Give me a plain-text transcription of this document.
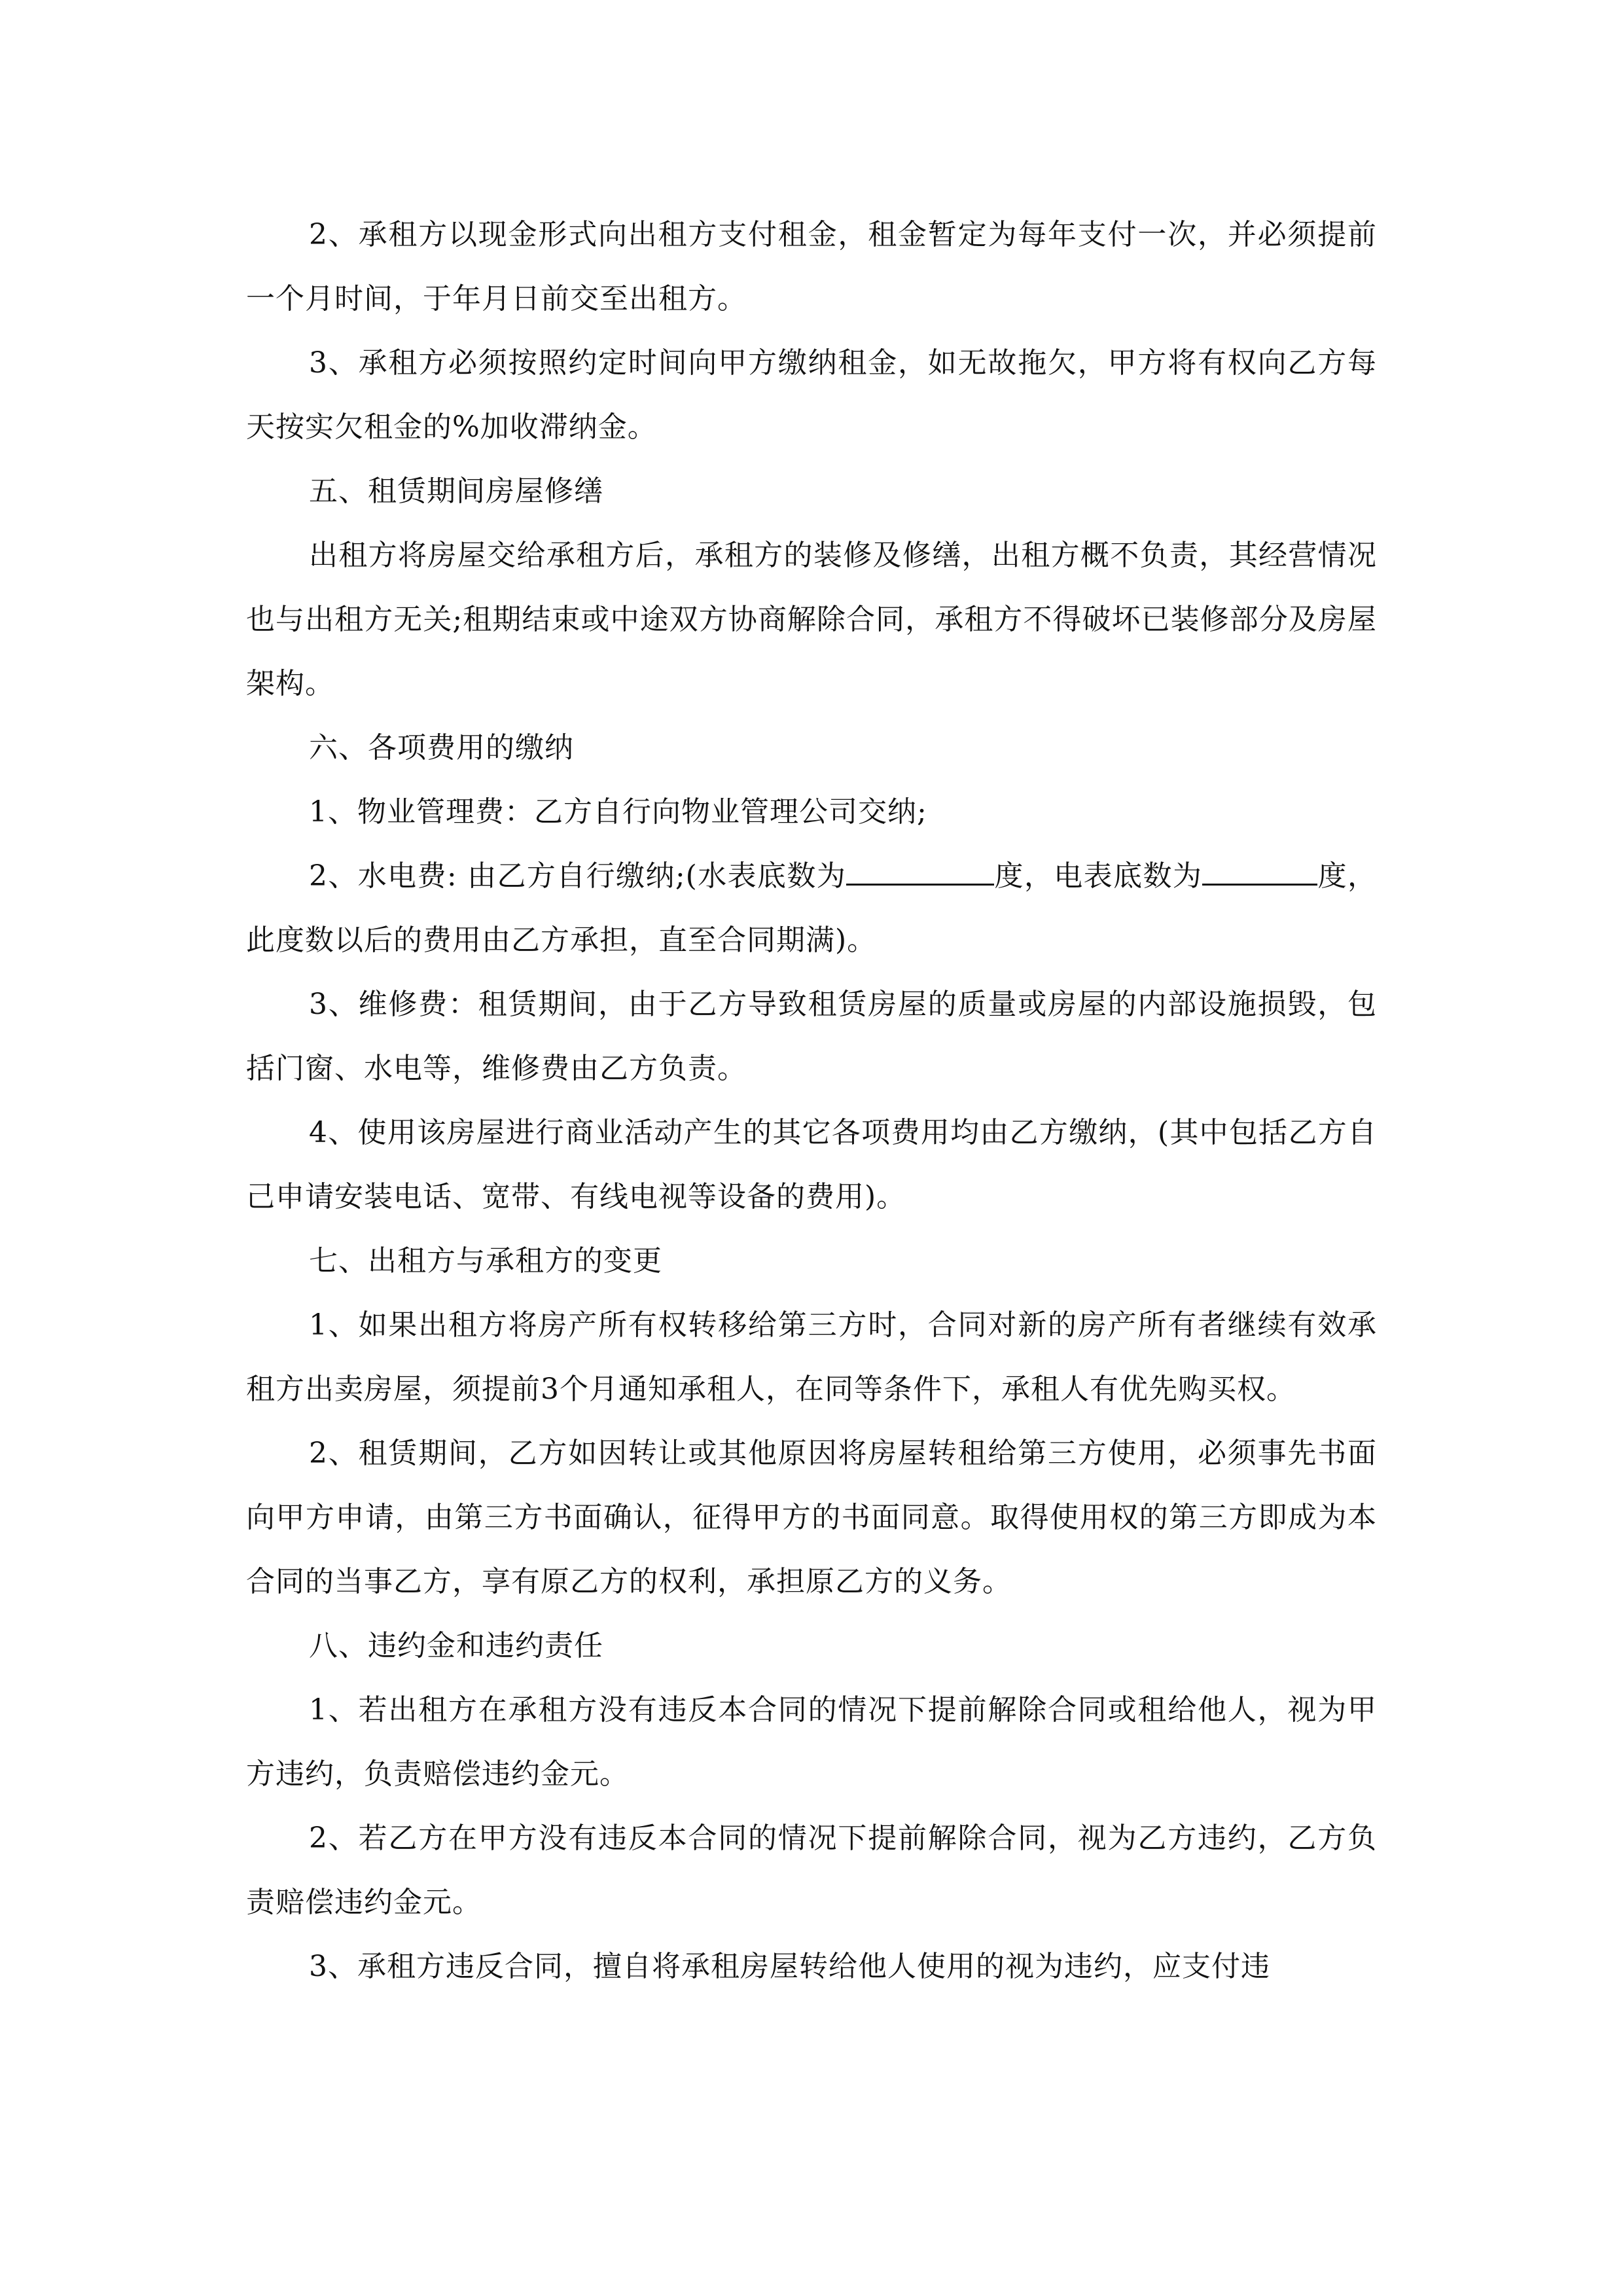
2、承租方以现金形式向出租方支付租金，租金暂定为每年支付一次，并必须提前一个月时间，于年月日前交至出租方。

3、承租方必须按照约定时间向甲方缴纳租金，如无故拖欠，甲方将有权向乙方每天按实欠租金的%加收滞纳金。

五、租赁期间房屋修缮

出租方将房屋交给承租方后，承租方的装修及修缮，出租方概不负责，其经营情况也与出租方无关;租期结束或中途双方协商解除合同，承租方不得破坏已装修部分及房屋架构。

六、各项费用的缴纳

1、物业管理费：乙方自行向物业管理公司交纳;

2、水电费: 由乙方自行缴纳;(水表底数为	度，电表底数为	度，此度数以后的费用由乙方承担，直至合同期满)。

3、维修费：租赁期间，由于乙方导致租赁房屋的质量或房屋的内部设施损毁，包括门窗、水电等，维修费由乙方负责。

4、使用该房屋进行商业活动产生的其它各项费用均由乙方缴纳，(其中包括乙方自己申请安装电话、宽带、有线电视等设备的费用)。

七、出租方与承租方的变更

1、如果出租方将房产所有权转移给第三方时，合同对新的房产所有者继续有效承租方出卖房屋，须提前3个月通知承租人，在同等条件下，承租人有优先购买权。

2、租赁期间，乙方如因转让或其他原因将房屋转租给第三方使用，必须事先书面向甲方申请，由第三方书面确认，征得甲方的书面同意。取得使用权的第三方即成为本合同的当事乙方，享有原乙方的权利，承担原乙方的义务。

八、违约金和违约责任

1、若出租方在承租方没有违反本合同的情况下提前解除合同或租给他人，视为甲方违约，负责赔偿违约金元。

2、若乙方在甲方没有违反本合同的情况下提前解除合同，视为乙方违约，乙方负责赔偿违约金元。

3、承租方违反合同，擅自将承租房屋转给他人使用的视为违约，应支付违
